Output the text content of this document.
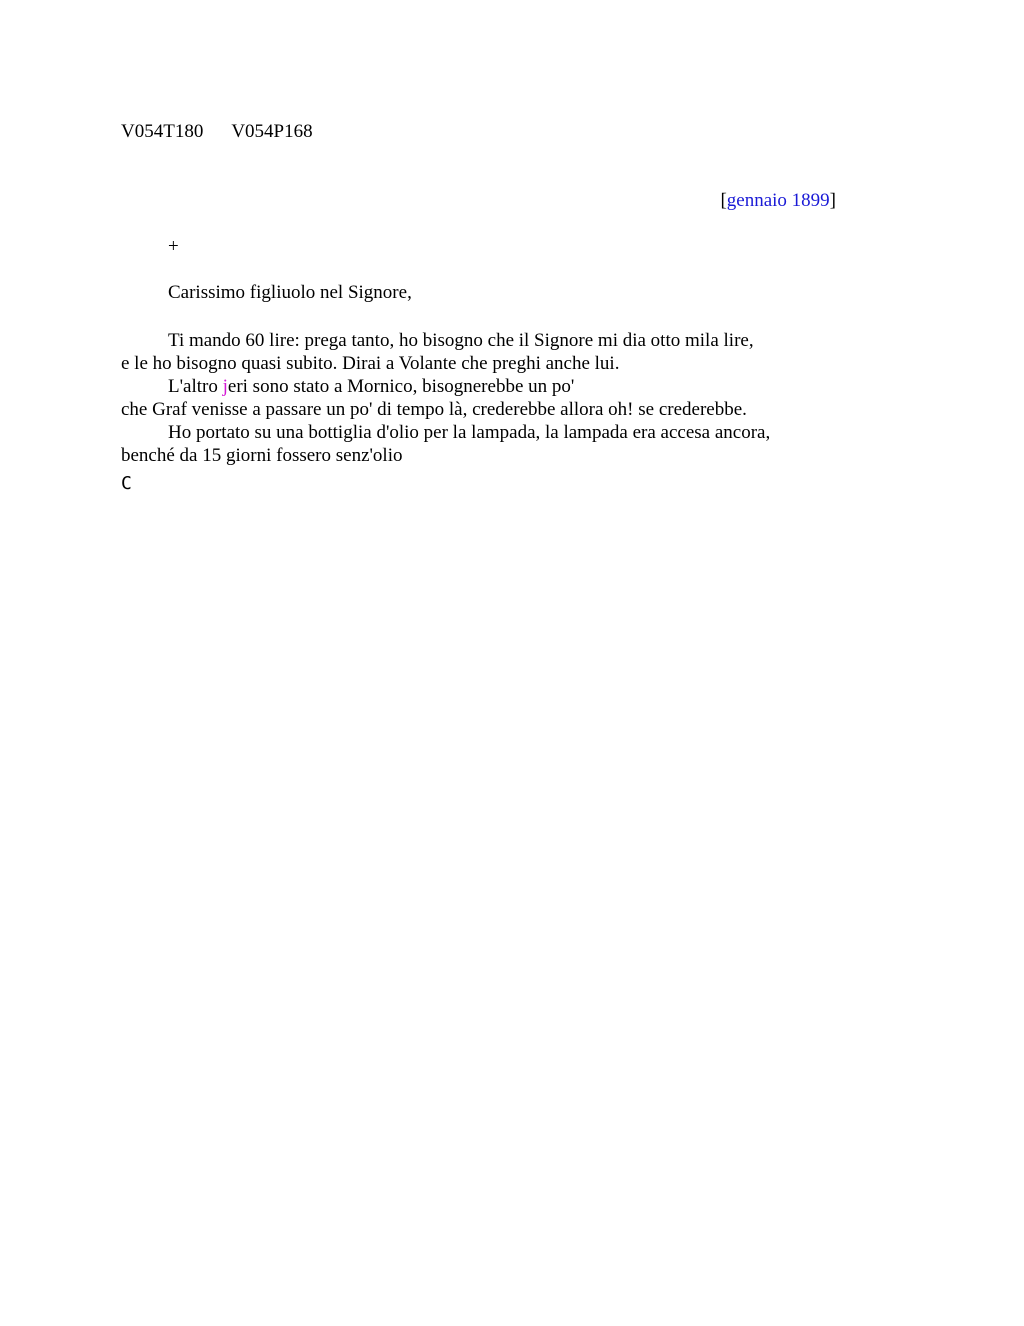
V054T180 V054P168
[gennaio 1899]
+
Carissimo figliuolo nel Signore,
Ti mando 60 lire: prega tanto, ho bisogno che il Signore mi dia otto mila lire,
e le ho bisogno quasi subito. Dirai a Volante che preghi anche lui.
L'altro jeri sono stato a Mornico, bisognerebbe un po'
che Graf venisse a passare un po' di tempo là, crederebbe allora oh! se crederebbe.
Ho portato su una bottiglia d'olio per la lampada, la lampada era accesa ancora,
benché da 15 giorni fossero senz'olio
C
